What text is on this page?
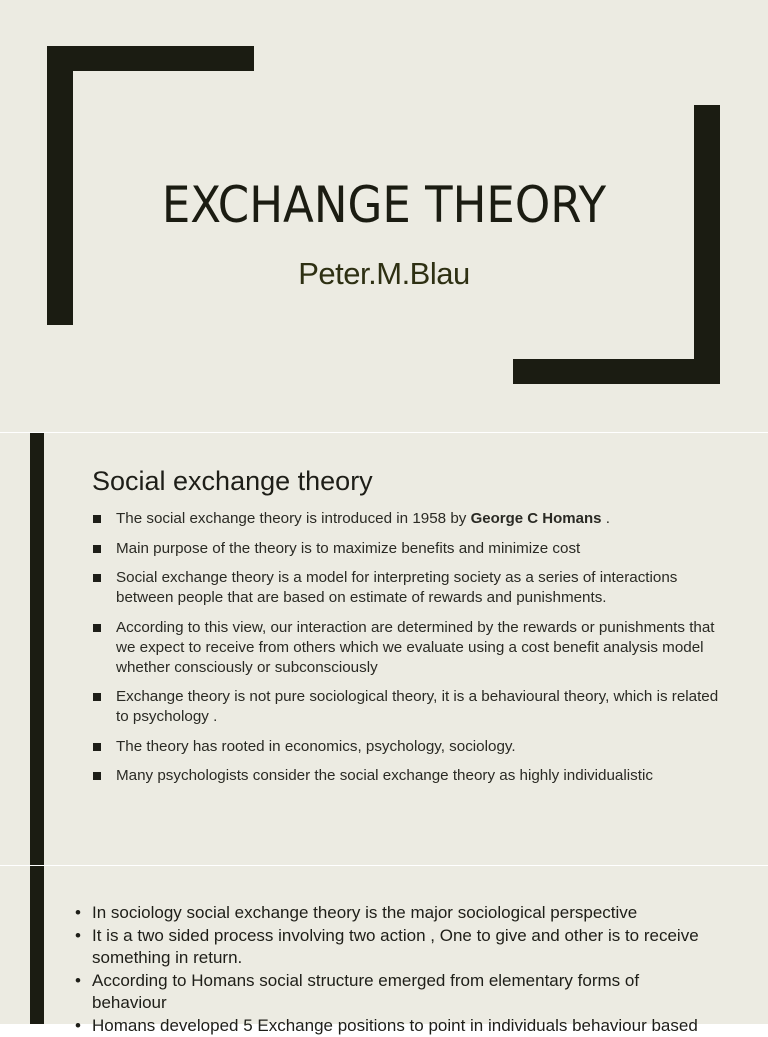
EXCHANGE THEORY
Peter.M.Blau
Social exchange theory
The social exchange theory is introduced in 1958 by George C Homans .
Main purpose of the theory is to maximize benefits and minimize cost
Social exchange theory is a model for interpreting society as a series of interactions between people that are based on estimate of rewards and punishments.
According to this view, our interaction are determined by the rewards or punishments that we expect to receive from others which we evaluate using a cost benefit analysis model whether consciously or subconsciously
Exchange theory is not pure sociological theory, it is a behavioural theory, which is related to psychology .
The theory has rooted in economics, psychology, sociology.
Many psychologists consider the social exchange theory as highly individualistic
• In sociology social exchange theory is the major sociological perspective
• It is a two sided process involving two action , One to give and other is to receive something in return.
• According to Homans social structure emerged from elementary forms of behaviour
• Homans developed 5 Exchange positions to point in individuals behaviour based
